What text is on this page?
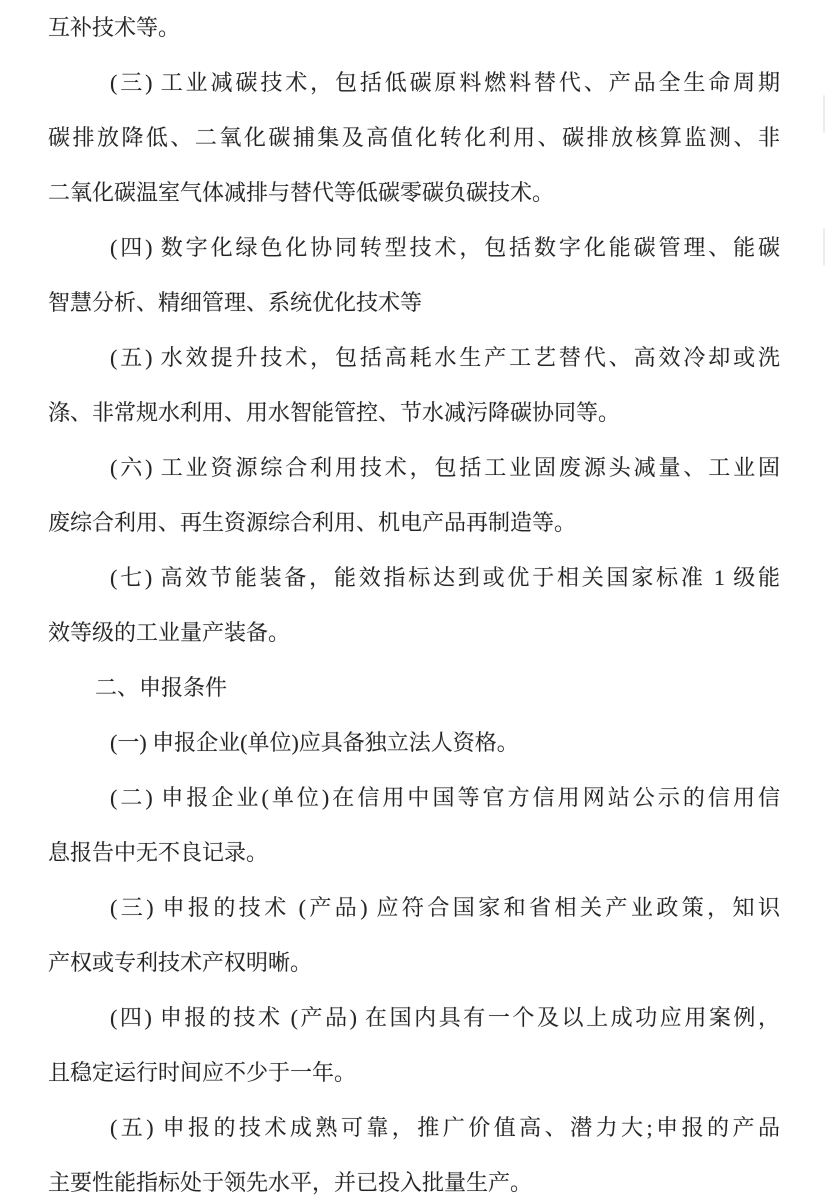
互补技术等。
(三) 工业减碳技术，包括低碳原料燃料替代、产品全生命周期
碳排放降低、二氧化碳捕集及高值化转化利用、碳排放核算监测、非
二氧化碳温室气体减排与替代等低碳零碳负碳技术。
(四) 数字化绿色化协同转型技术，包括数字化能碳管理、能碳
智慧分析、精细管理、系统优化技术等
(五) 水效提升技术，包括高耗水生产工艺替代、高效冷却或洗
涤、非常规水利用、用水智能管控、节水减污降碳协同等。
(六) 工业资源综合利用技术，包括工业固废源头减量、工业固
废综合利用、再生资源综合利用、机电产品再制造等。
(七) 高效节能装备，能效指标达到或优于相关国家标准 1 级能
效等级的工业量产装备。
二、申报条件
(一) 申报企业(单位)应具备独立法人资格。
(二) 申报企业(单位)在信用中国等官方信用网站公示的信用信
息报告中无不良记录。
(三) 申报的技术 (产品) 应符合国家和省相关产业政策，知识
产权或专利技术产权明晰。
(四) 申报的技术 (产品) 在国内具有一个及以上成功应用案例，
且稳定运行时间应不少于一年。
(五) 申报的技术成熟可靠，推广价值高、潜力大;申报的产品
主要性能指标处于领先水平，并已投入批量生产。
